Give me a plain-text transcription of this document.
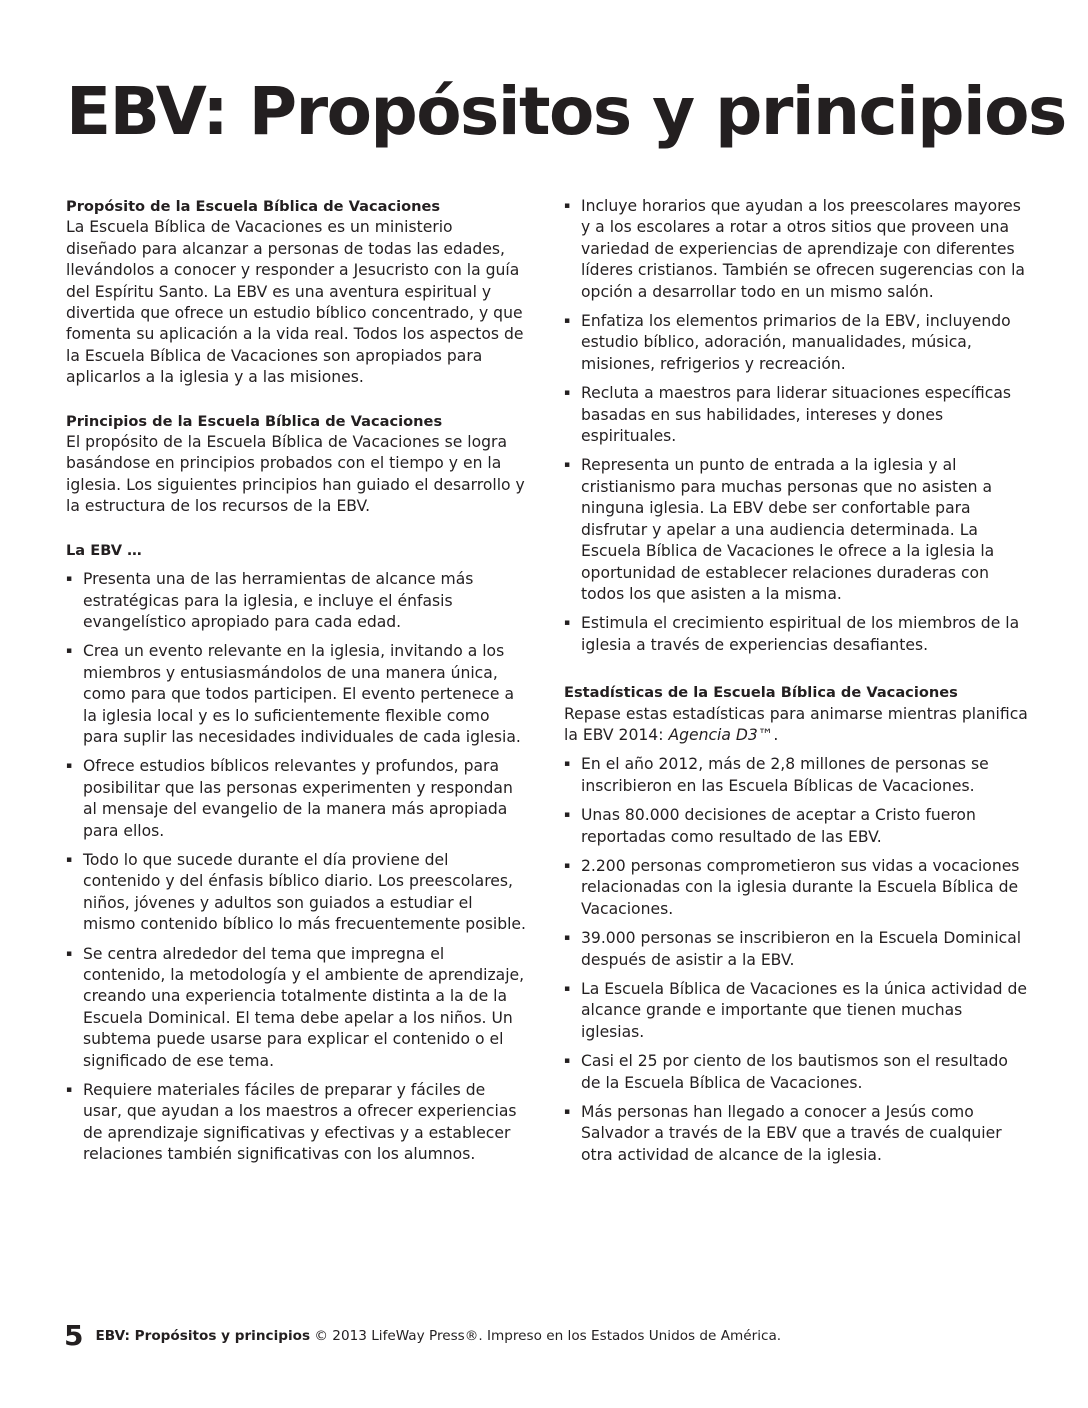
EBV: Propósitos y principios
Propósito de la Escuela Bíblica de Vacaciones

La Escuela Bíblica de Vacaciones es un ministerio diseñado para alcanzar a personas de todas las edades, llevándolos a conocer y responder a Jesucristo con la guía del Espíritu Santo. La EBV es una aventura espiritual y divertida que ofrece un estudio bíblico concentrado, y que fomenta su aplicación a la vida real. Todos los aspectos de la Escuela Bíblica de Vacaciones son apropiados para aplicarlos a la iglesia y a las misiones.

Principios de la Escuela Bíblica de Vacaciones

El propósito de la Escuela Bíblica de Vacaciones se logra basándose en principios probados con el tiempo y en la iglesia. Los siguientes principios han guiado el desarrollo y la estructura de los recursos de la EBV.

La EBV …
▪ Presenta una de las herramientas de alcance más estratégicas para la iglesia, e incluye el énfasis evangelístico apropiado para cada edad.
▪ Crea un evento relevante en la iglesia, invitando a los miembros y entusiasmándolos de una manera única, como para que todos participen. El evento pertenece a la iglesia local y es lo suficientemente flexible como para suplir las necesidades individuales de cada iglesia.
▪ Ofrece estudios bíblicos relevantes y profundos, para posibilitar que las personas experimenten y respondan al mensaje del evangelio de la manera más apropiada para ellos.
▪ Todo lo que sucede durante el día proviene del contenido y del énfasis bíblico diario. Los preescolares, niños, jóvenes y adultos son guiados a estudiar el mismo contenido bíblico lo más frecuentemente posible.
▪ Se centra alrededor del tema que impregna el contenido, la metodología y el ambiente de aprendizaje, creando una experiencia totalmente distinta a la de la Escuela Dominical. El tema debe apelar a los niños. Un subtema puede usarse para explicar el contenido o el significado de ese tema.
▪ Requiere materiales fáciles de preparar y fáciles de usar, que ayudan a los maestros a ofrecer experiencias de aprendizaje significativas y efectivas y a establecer relaciones también significativas con los alumnos.
▪ Incluye horarios que ayudan a los preescolares mayores y a los escolares a rotar a otros sitios que proveen una variedad de experiencias de aprendizaje con diferentes líderes cristianos. También se ofrecen sugerencias con la opción a desarrollar todo en un mismo salón.
▪ Enfatiza los elementos primarios de la EBV, incluyendo estudio bíblico, adoración, manualidades, música, misiones, refrigerios y recreación.
▪ Recluta a maestros para liderar situaciones específicas basadas en sus habilidades, intereses y dones espirituales.
▪ Representa un punto de entrada a la iglesia y al cristianismo para muchas personas que no asisten a ninguna iglesia. La EBV debe ser confortable para disfrutar y apelar a una audiencia determinada. La Escuela Bíblica de Vacaciones le ofrece a la iglesia la oportunidad de establecer relaciones duraderas con todos los que asisten a la misma.
▪ Estimula el crecimiento espiritual de los miembros de la iglesia a través de experiencias desafiantes.
Estadísticas de la Escuela Bíblica de Vacaciones

Repase estas estadísticas para animarse mientras planifica la EBV 2014: Agencia D3™.

▪ En el año 2012, más de 2,8 millones de personas se inscribieron en las Escuela Bíblicas de Vacaciones.
▪ Unas 80.000 decisiones de aceptar a Cristo fueron reportadas como resultado de las EBV.
▪ 2.200 personas comprometieron sus vidas a vocaciones relacionadas con la iglesia durante la Escuela Bíblica de Vacaciones.
▪ 39.000 personas se inscribieron en la Escuela Dominical después de asistir a la EBV.
▪ La Escuela Bíblica de Vacaciones es la única actividad de alcance grande e importante que tienen muchas iglesias.
▪ Casi el 25 por ciento de los bautismos son el resultado de la Escuela Bíblica de Vacaciones.
▪ Más personas han llegado a conocer a Jesús como Salvador a través de la EBV que a través de cualquier otra actividad de alcance de la iglesia.
5 EBV: Propósitos y principios © 2013 LifeWay Press®. Impreso en los Estados Unidos de América.
